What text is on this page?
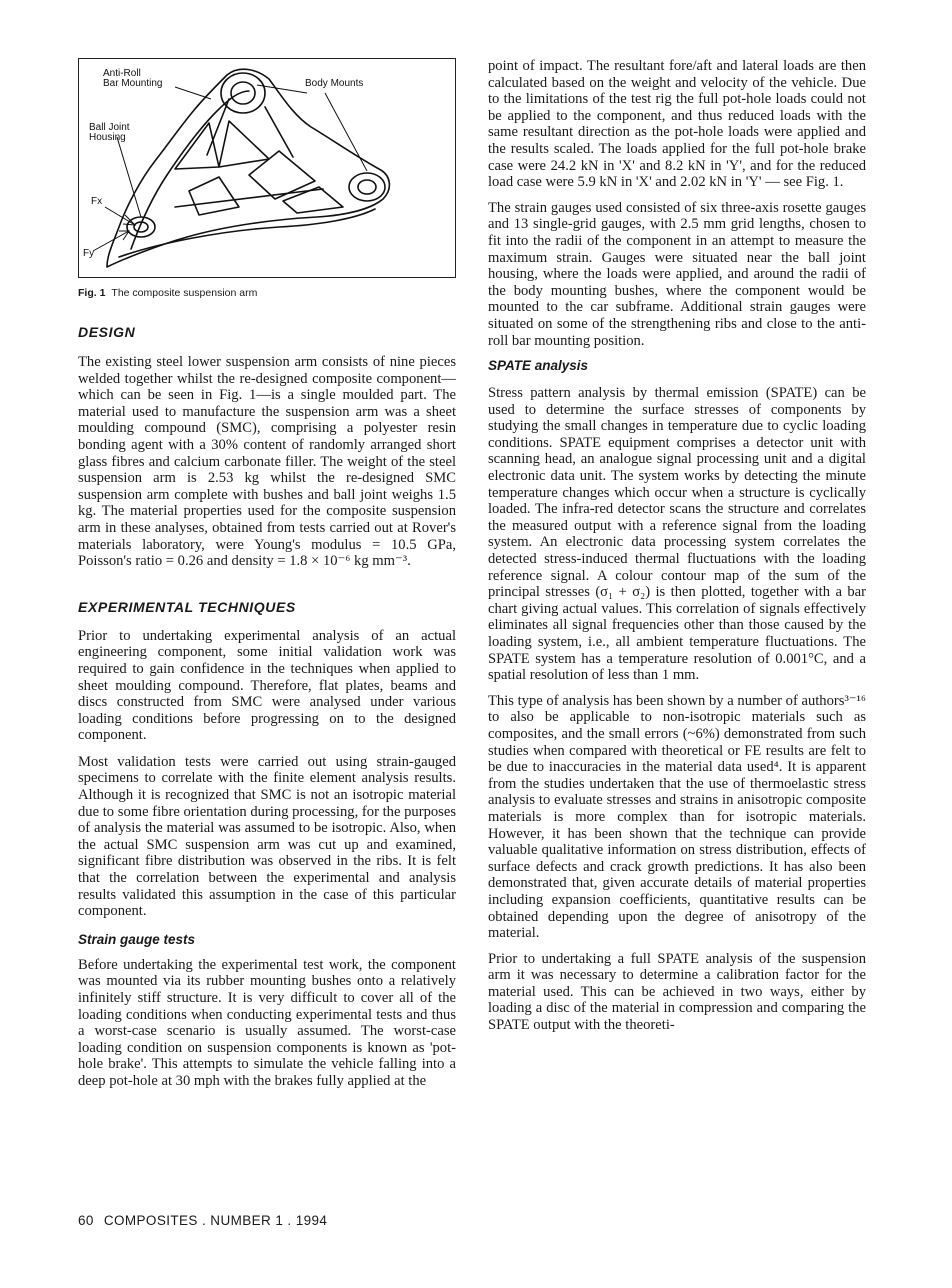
Anti-Roll
Bar Mounting	Body Mounts
Ball Joint
Housing
Fx
Fy
Fig. 1 The composite suspension arm
DESIGN

The existing steel lower suspension arm consists of nine pieces welded together whilst the re-designed composite component—which can be seen in Fig. 1—is a single moulded part. The material used to manufacture the suspension arm was a sheet moulding compound (SMC), comprising a polyester resin bonding agent with a 30% content of randomly arranged short glass fibres and calcium carbonate filler. The weight of the steel suspension arm is 2.53 kg whilst the re-designed SMC suspension arm complete with bushes and ball joint weighs 1.5 kg. The material properties used for the composite suspension arm in these analyses, obtained from tests carried out at Rover's materials laboratory, were Young's modulus = 10.5 GPa, Poisson's ratio = 0.26 and density = 1.8 × 10⁻⁶ kg mm⁻³.

EXPERIMENTAL TECHNIQUES

Prior to undertaking experimental analysis of an actual engineering component, some initial validation work was required to gain confidence in the techniques when applied to sheet moulding compound. Therefore, flat plates, beams and discs constructed from SMC were analysed under various loading conditions before progressing on to the designed component.

Most validation tests were carried out using strain-gauged specimens to correlate with the finite element analysis results. Although it is recognized that SMC is not an isotropic material due to some fibre orientation during processing, for the purposes of analysis the material was assumed to be isotropic. Also, when the actual SMC suspension arm was cut up and examined, significant fibre distribution was observed in the ribs. It is felt that the correlation between the experimental and analysis results validated this assumption in the case of this particular component.

Strain gauge tests

Before undertaking the experimental test work, the component was mounted via its rubber mounting bushes onto a relatively infinitely stiff structure. It is very difficult to cover all of the loading conditions when conducting experimental tests and thus a worst-case scenario is usually assumed. The worst-case loading condition on suspension components is known as 'pot-hole brake'. This attempts to simulate the vehicle falling into a deep pot-hole at 30 mph with the brakes fully applied at the

point of impact. The resultant fore/aft and lateral loads are then calculated based on the weight and velocity of the vehicle. Due to the limitations of the test rig the full pot-hole loads could not be applied to the component, and thus reduced loads with the same resultant direction as the pot-hole loads were applied and the results scaled. The loads applied for the full pot-hole brake case were 24.2 kN in 'X' and 8.2 kN in 'Y', and for the reduced load case were 5.9 kN in 'X' and 2.02 kN in 'Y' — see Fig. 1.

The strain gauges used consisted of six three-axis rosette gauges and 13 single-grid gauges, with 2.5 mm grid lengths, chosen to fit into the radii of the component in an attempt to measure the maximum strain. Gauges were situated near the ball joint housing, where the loads were applied, and around the radii of the body mounting bushes, where the component would be mounted to the car subframe. Additional strain gauges were situated on some of the strengthening ribs and close to the anti-roll bar mounting position.

SPATE analysis

Stress pattern analysis by thermal emission (SPATE) can be used to determine the surface stresses of components by studying the small changes in temperature due to cyclic loading conditions. SPATE equipment comprises a detector unit with scanning head, an analogue signal processing unit and a digital electronic data unit. The system works by detecting the minute temperature changes which occur when a structure is cyclically loaded. The infra-red detector scans the structure and correlates the measured output with a reference signal from the loading system. An electronic data processing system correlates the detected stress-induced thermal fluctuations with the loading reference signal. A colour contour map of the sum of the principal stresses (σ₁ + σ₂) is then plotted, together with a bar chart giving actual values. This correlation of signals effectively eliminates all signal frequencies other than those caused by the loading system, i.e., all ambient temperature fluctuations. The SPATE system has a temperature resolution of 0.001°C, and a spatial resolution of less than 1 mm.

This type of analysis has been shown by a number of authors³⁻¹⁶ to also be applicable to non-isotropic materials such as composites, and the small errors (~6%) demonstrated from such studies when compared with theoretical or FE results are felt to be due to inaccuracies in the material data used⁴. It is apparent from the studies undertaken that the use of thermoelastic stress analysis to evaluate stresses and strains in anisotropic composite materials is more complex than for isotropic materials. However, it has been shown that the technique can provide valuable qualitative information on stress distribution, effects of surface defects and crack growth predictions. It has also been demonstrated that, given accurate details of material properties including expansion coefficients, quantitative results can be obtained depending upon the degree of anisotropy of the material.

Prior to undertaking a full SPATE analysis of the suspension arm it was necessary to determine a calibration factor for the material used. This can be achieved in two ways, either by loading a disc of the material in compression and comparing the SPATE output with the theoreti-

60 COMPOSITES . NUMBER 1 . 1994
